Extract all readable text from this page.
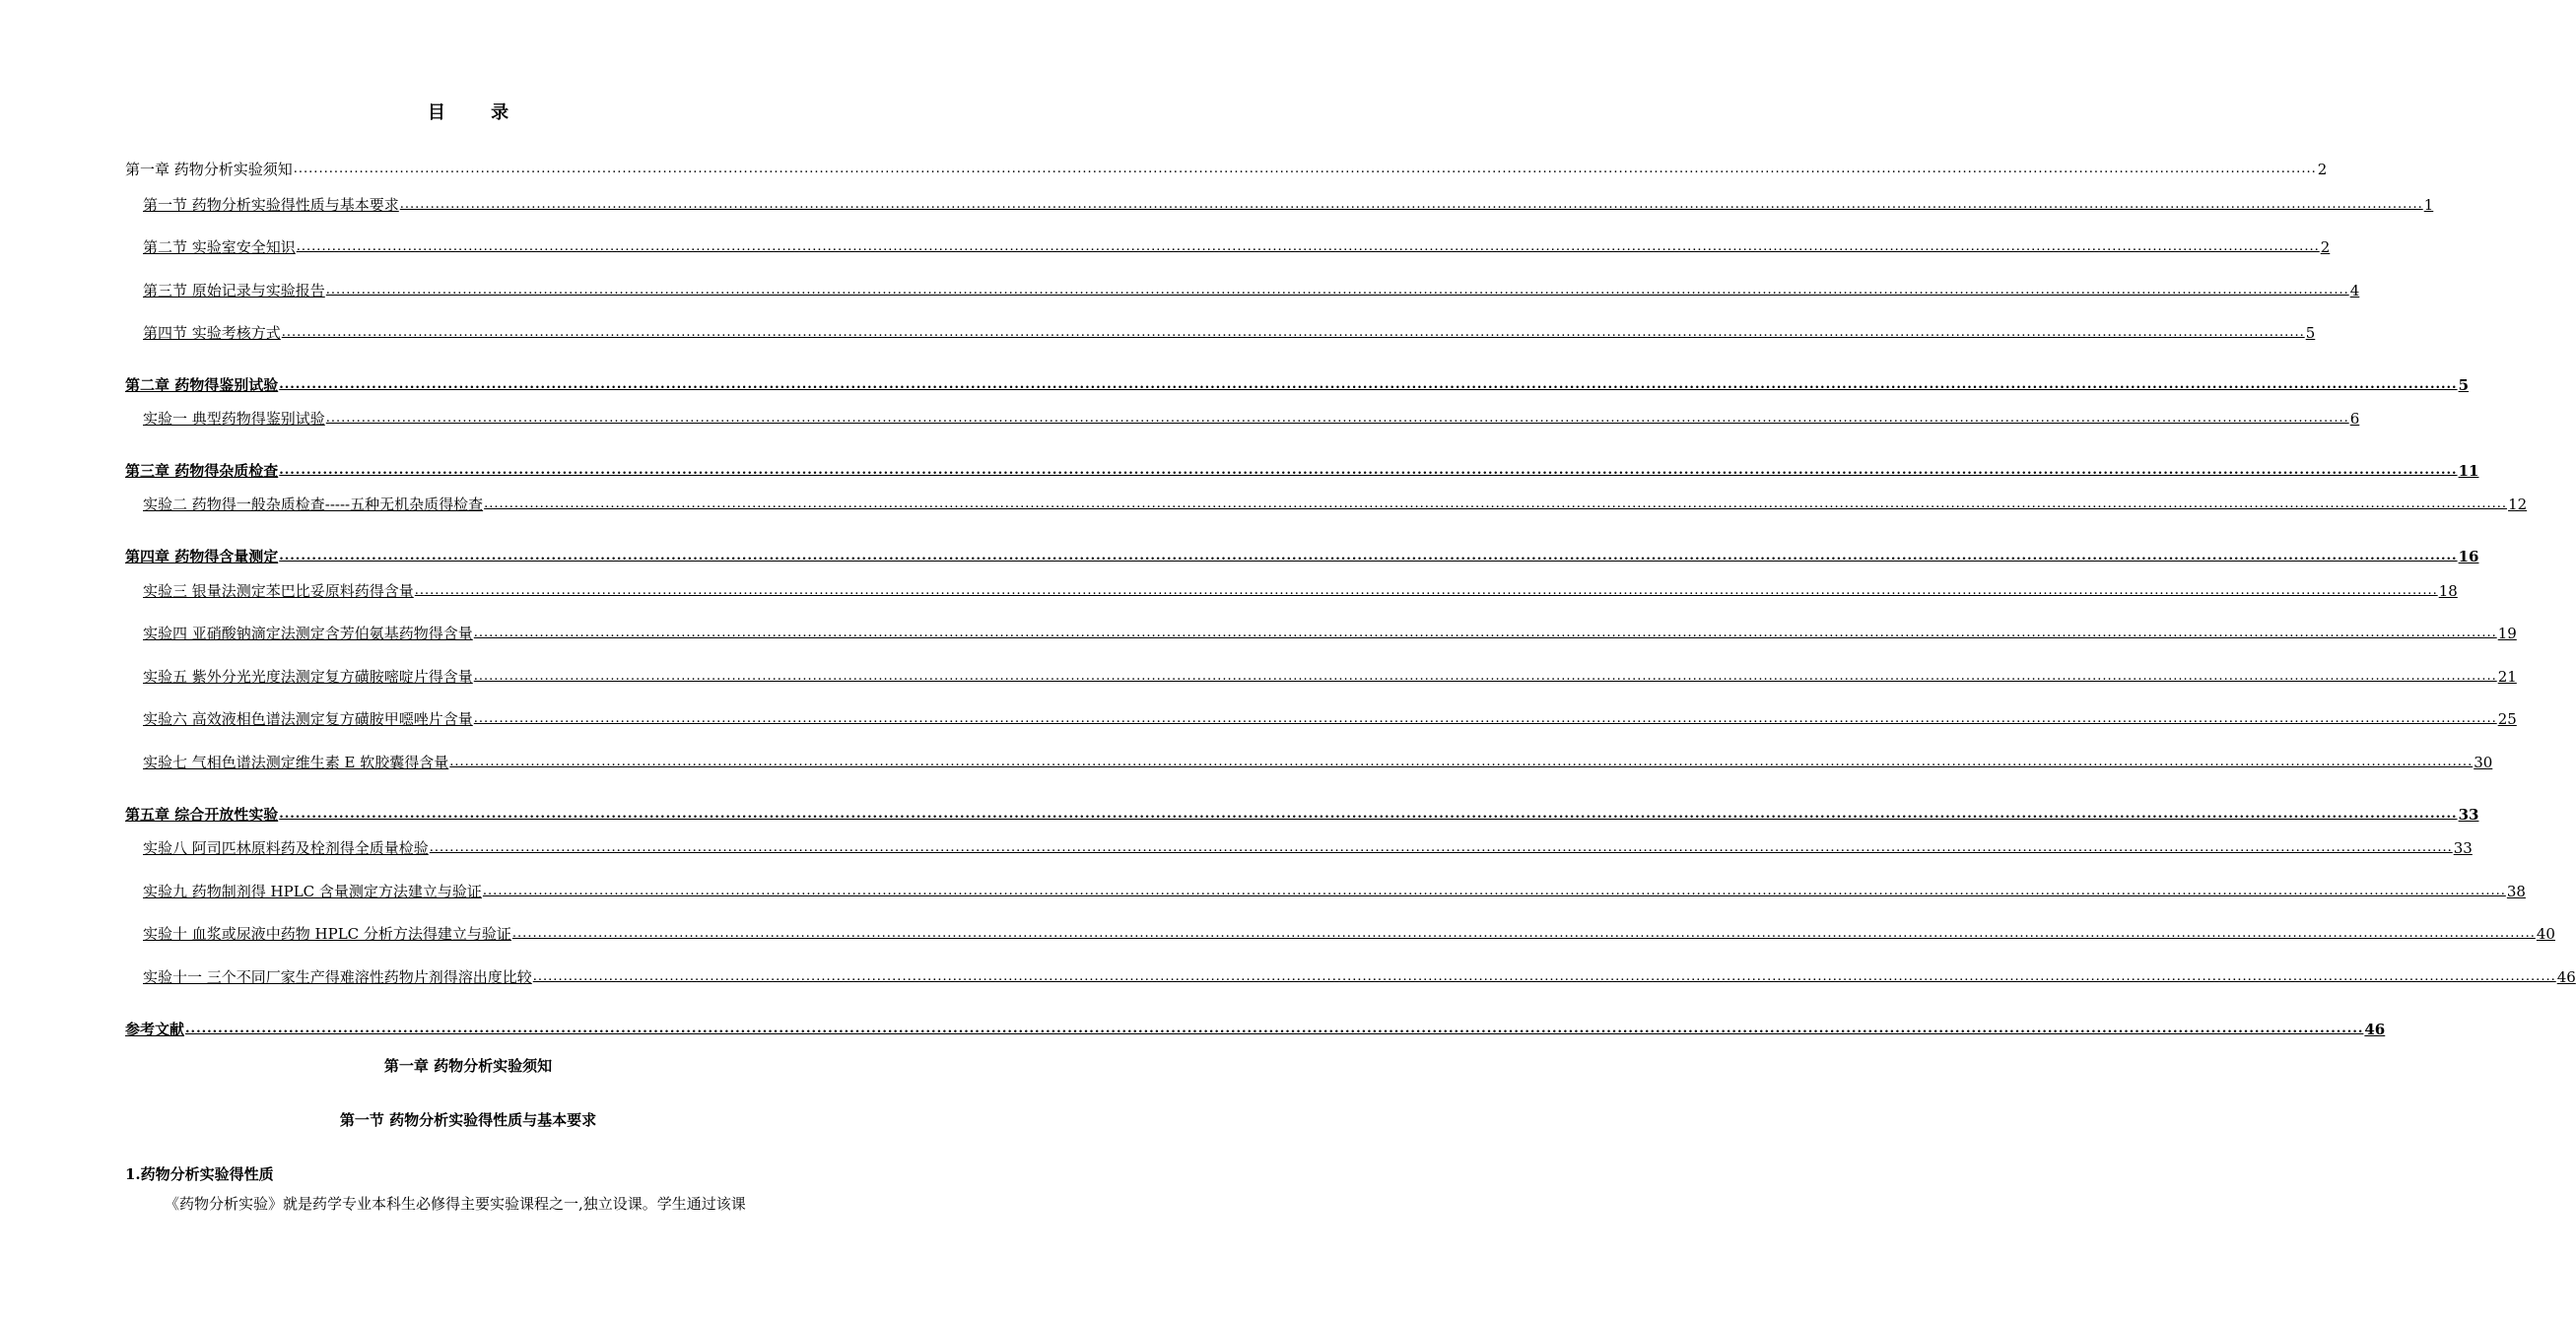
目 录
第一章 药物分析实验须知 ................................................................................................................................................................................................................................................................................................................................................................................................................ 2
第一节 药物分析实验得性质与基本要求 ................................................................................................................................................................................................................................................................................................................................................................................................................ 1
第二节 实验室安全知识 ................................................................................................................................................................................................................................................................................................................................................................................................................ 2
第三节 原始记录与实验报告 ................................................................................................................................................................................................................................................................................................................................................................................................................ 4
第四节 实验考核方式 ................................................................................................................................................................................................................................................................................................................................................................................................................ 5
第二章 药物得鉴别试验 ................................................................................................................................................................................................................................................................................................................................................................................................................ 5
实验一 典型药物得鉴别试验 ................................................................................................................................................................................................................................................................................................................................................................................................................ 6
第三章 药物得杂质检查 ................................................................................................................................................................................................................................................................................................................................................................................................................ 11
实验二 药物得一般杂质检查-----五种无机杂质得检查 ................................................................................................................................................................................................................................................................................................................................................................................................................ 12
第四章 药物得含量测定 ................................................................................................................................................................................................................................................................................................................................................................................................................ 16
实验三 银量法测定苯巴比妥原料药得含量 ................................................................................................................................................................................................................................................................................................................................................................................................................ 18
实验四 亚硝酸钠滴定法测定含芳伯氨基药物得含量 ................................................................................................................................................................................................................................................................................................................................................................................................................ 19
实验五 紫外分光光度法测定复方磺胺嘧啶片得含量 ................................................................................................................................................................................................................................................................................................................................................................................................................ 21
实验六 高效液相色谱法测定复方磺胺甲噁唑片含量 ................................................................................................................................................................................................................................................................................................................................................................................................................ 25
实验七 气相色谱法测定维生素 E 软胶囊得含量 ................................................................................................................................................................................................................................................................................................................................................................................................................ 30
第五章 综合开放性实验 ................................................................................................................................................................................................................................................................................................................................................................................................................ 33
实验八 阿司匹林原料药及栓剂得全质量检验 ................................................................................................................................................................................................................................................................................................................................................................................................................ 33
实验九 药物制剂得 HPLC 含量测定方法建立与验证 ................................................................................................................................................................................................................................................................................................................................................................................................................ 38
实验十 血浆或尿液中药物 HPLC 分析方法得建立与验证 ................................................................................................................................................................................................................................................................................................................................................................................................................ 40
实验十一 三个不同厂家生产得难溶性药物片剂得溶出度比较 ................................................................................................................................................................................................................................................................................................................................................................................................................ 46
参考文献 ................................................................................................................................................................................................................................................................................................................................................................................................................ 46
第一章 药物分析实验须知
第一节 药物分析实验得性质与基本要求
1.药物分析实验得性质
《药物分析实验》就是药学专业本科生必修得主要实验课程之一,独立设课。学生通过该课
